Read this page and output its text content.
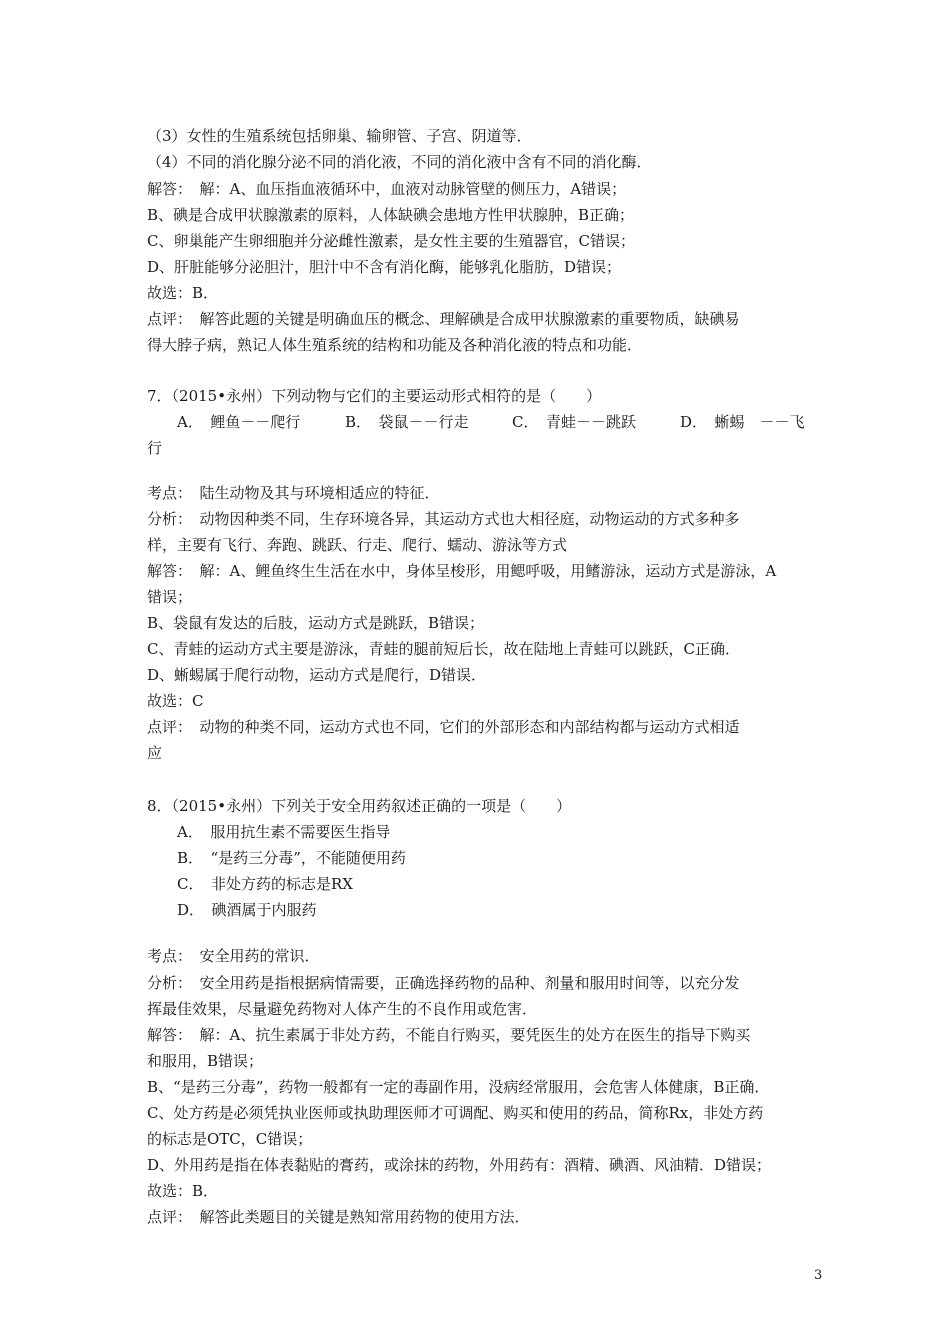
（3）女性的生殖系统包括卵巢、输卵管、子宫、阴道等．
（4）不同的消化腺分泌不同的消化液，不同的消化液中含有不同的消化酶．
解答：　解：A、血压指血液循环中，血液对动脉管壁的侧压力，A错误；
B、碘是合成甲状腺激素的原料，人体缺碘会患地方性甲状腺肿，B正确；
C、卵巢能产生卵细胞并分泌雌性激素，是女性主要的生殖器官，C错误；
D、肝脏能够分泌胆汁，胆汁中不含有消化酶，能够乳化脂肪，D错误；
故选：B．
点评：　解答此题的关键是明确血压的概念、理解碘是合成甲状腺激素的重要物质，缺碘易
得大脖子病，熟记人体生殖系统的结构和功能及各种消化液的特点和功能．
7．（2015•永州）下列动物与它们的主要运动形式相符的是（　　）
A．　鲤鱼－－爬行	B．　袋鼠－－行走	C．　青蛙－－跳跃	D．　蜥蜴　－－飞
行
考点：　陆生动物及其与环境相适应的特征．
分析：　动物因种类不同，生存环境各异，其运动方式也大相径庭，动物运动的方式多种多
样，主要有飞行、奔跑、跳跃、行走、爬行、蠕动、游泳等方式
解答：　解：A、鲤鱼终生生活在水中，身体呈梭形，用鳃呼吸，用鳍游泳，运动方式是游泳，A
错误；
B、袋鼠有发达的后肢，运动方式是跳跃，B错误；
C、青蛙的运动方式主要是游泳，青蛙的腿前短后长，故在陆地上青蛙可以跳跃，C正确．
D、蜥蜴属于爬行动物，运动方式是爬行，D错误．
故选：C
点评：　动物的种类不同，运动方式也不同，它们的外部形态和内部结构都与运动方式相适
应
8．（2015•永州）下列关于安全用药叙述正确的一项是（　　）
A．　服用抗生素不需要医生指导
B．　“是药三分毒”，不能随便用药
C．　非处方药的标志是RX
D．　碘酒属于内服药
考点：　安全用药的常识．
分析：　安全用药是指根据病情需要，正确选择药物的品种、剂量和服用时间等，以充分发
挥最佳效果，尽量避免药物对人体产生的不良作用或危害．
解答：　解：A、抗生素属于非处方药，不能自行购买，要凭医生的处方在医生的指导下购买
和服用，B错误；
B、“是药三分毒”，药物一般都有一定的毒副作用，没病经常服用，会危害人体健康，B正确．
C、处方药是必须凭执业医师或执助理医师才可调配、购买和使用的药品，简称Rx，非处方药
的标志是OTC，C错误；
D、外用药是指在体表黏贴的膏药，或涂抹的药物，外用药有：酒精、碘酒、风油精．D错误；
故选：B．
点评：　解答此类题目的关键是熟知常用药物的使用方法．
3
